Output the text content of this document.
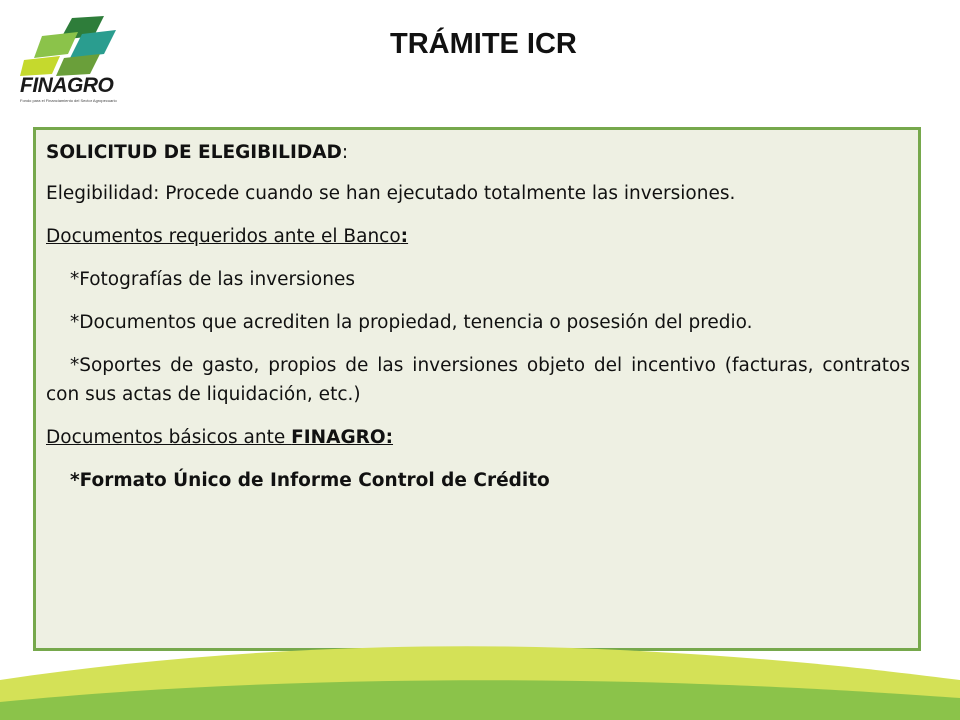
FINAGRO
Fondo para el Financiamiento del Sector Agropecuario
TRÁMITE ICR

SOLICITUD DE ELEGIBILIDAD:

Elegibilidad: Procede cuando se han ejecutado totalmente las inversiones.

Documentos requeridos ante el Banco:

*Fotografías de las inversiones

*Documentos que acrediten la propiedad, tenencia o posesión del predio.

*Soportes de gasto, propios de las inversiones objeto del incentivo (facturas, contratos con sus actas de liquidación, etc.)

Documentos básicos ante FINAGRO:

*Formato Único de Informe Control de Crédito
